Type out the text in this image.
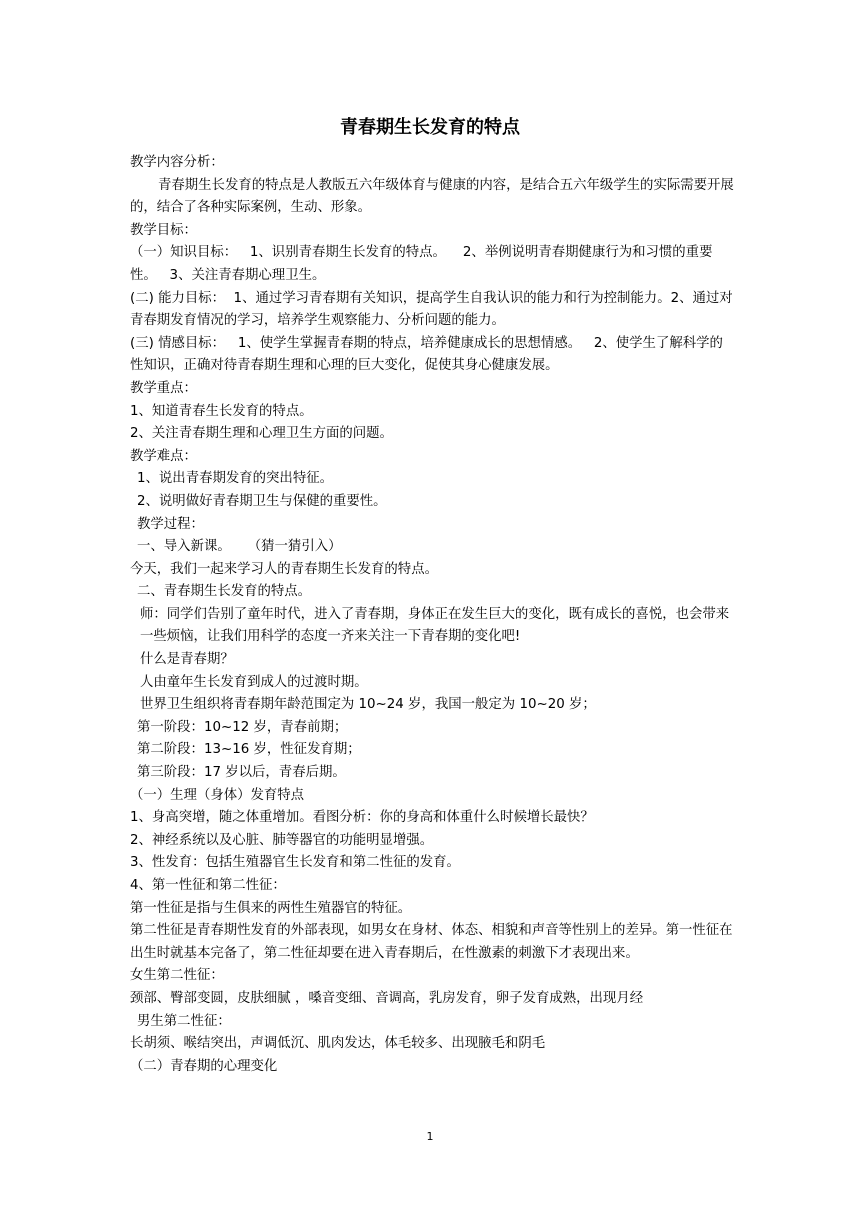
青春期生长发育的特点

教学内容分析：

青春期生长发育的特点是人教版五六年级体育与健康的内容，是结合五六年级学生的实际需要开展的，结合了各种实际案例，生动、形象。

教学目标：

（一）知识目标：   1、识别青春期生长发育的特点。    2、举例说明青春期健康行为和习惯的重要性。   3、关注青春期心理卫生。

(二) 能力目标：  1、通过学习青春期有关知识，提高学生自我认识的能力和行为控制能力。2、通过对青春期发育情况的学习，培养学生观察能力、分析问题的能力。

(三) 情感目标：   1、使学生掌握青春期的特点，培养健康成长的思想情感。   2、使学生了解科学的性知识，正确对待青春期生理和心理的巨大变化，促使其身心健康发展。

教学重点：

1、知道青春生长发育的特点。

2、关注青春期生理和心理卫生方面的问题。

教学难点：

1、说出青春期发育的突出特征。

2、说明做好青春期卫生与保健的重要性。

教学过程：

一、导入新课。    （猜一猜引入）

今天，我们一起来学习人的青春期生长发育的特点。

二、青春期生长发育的特点。

师：同学们告别了童年时代，进入了青春期，身体正在发生巨大的变化，既有成长的喜悦，也会带来一些烦恼，让我们用科学的态度一齐来关注一下青春期的变化吧!

什么是青春期？

人由童年生长发育到成人的过渡时期。

世界卫生组织将青春期年龄范围定为 10~24 岁，我国一般定为 10~20 岁；

第一阶段：10~12 岁，青春前期；

第二阶段：13~16 岁，性征发育期；

第三阶段：17 岁以后，青春后期。

（一）生理（身体）发育特点

1、身高突增，随之体重增加。看图分析：你的身高和体重什么时候增长最快？

2、神经系统以及心脏、肺等器官的功能明显增强。

3、性发育：包括生殖器官生长发育和第二性征的发育。

4、第一性征和第二性征：

第一性征是指与生俱来的两性生殖器官的特征。

第二性征是青春期性发育的外部表现，如男女在身材、体态、相貌和声音等性别上的差异。第一性征在出生时就基本完备了，第二性征却要在进入青春期后，在性激素的刺激下才表现出来。

女生第二性征：

颈部、臀部变圆，皮肤细腻 ，嗓音变细、音调高，乳房发育，卵子发育成熟，出现月经

男生第二性征：

长胡须、喉结突出，声调低沉、肌肉发达，体毛较多、出现腋毛和阴毛

（二）青春期的心理变化

1
